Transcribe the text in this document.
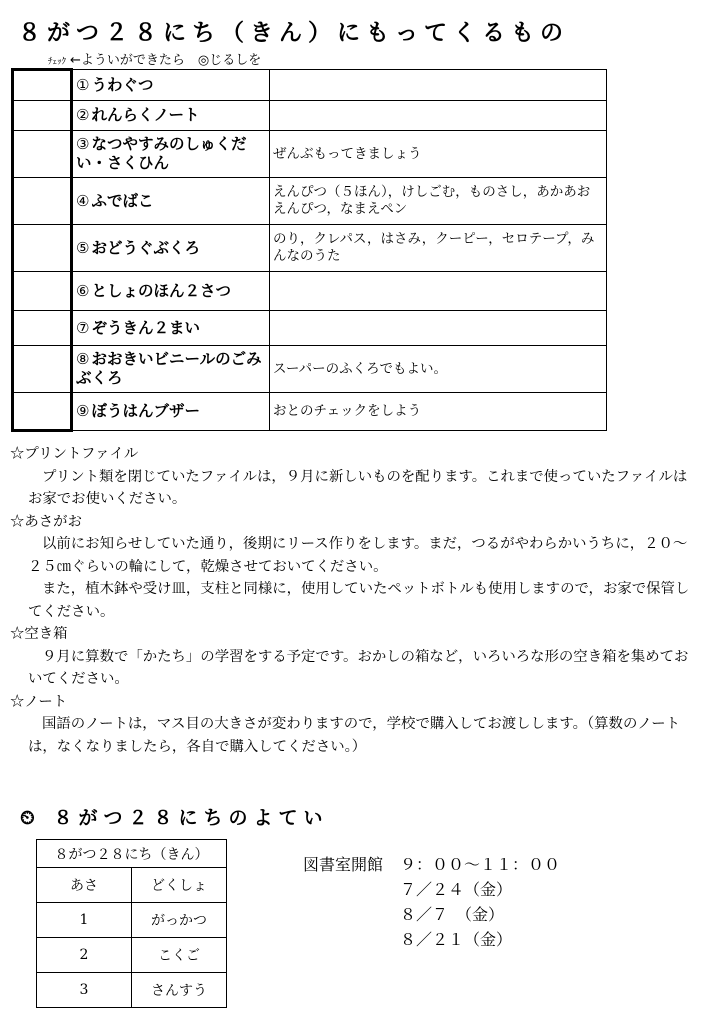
８がつ２８にち（きん）にもってくるもの
ﾁｪｯｸ ←よういができたら　◎じるしを
	① うわぐつ	
	② れんらくノート	
	③ なつやすみのしゅくだい・さくひん	ぜんぶもってきましょう
	④ ふでばこ	えんぴつ（５ほん），けしごむ，ものさし，あかあおえんぴつ，なまえペン
	⑤ おどうぐぶくろ	のり，クレパス，はさみ，クーピー，セロテープ，みんなのうた
	⑥ としょのほん２さつ	
	⑦ ぞうきん２まい	
	⑧ おおきいビニールのごみぶくろ	スーパーのふくろでもよい。
	⑨ ぼうはんブザー	おとのチェックをしよう
☆プリントファイル
プリント類を閉じていたファイルは，９月に新しいものを配ります。これまで使っていたファイルはお家でお使いください。
☆あさがお
以前にお知らせしていた通り，後期にリース作りをします。まだ，つるがやわらかいうちに，２０～２５㎝ぐらいの輪にして，乾燥させておいてください。
また，植木鉢や受け皿，支柱と同様に，使用していたペットボトルも使用しますので，お家で保管してください。
☆空き箱
９月に算数で「かたち」の学習をする予定です。おかしの箱など，いろいろな形の空き箱を集めておいてください。
☆ノート
国語のノートは，マス目の大きさが変わりますので，学校で購入してお渡しします。（算数のノートは，なくなりましたら，各自で購入してください。）
⏲ ８がつ２８にちのよてい
８がつ２８にち（きん）	
あさ	どくしょ
1	がっかつ
2	こくご
3	さんすう
図書室開館 ９：００～１１：００
７／２４（金）
８／７　（金）
８／２１（金）
